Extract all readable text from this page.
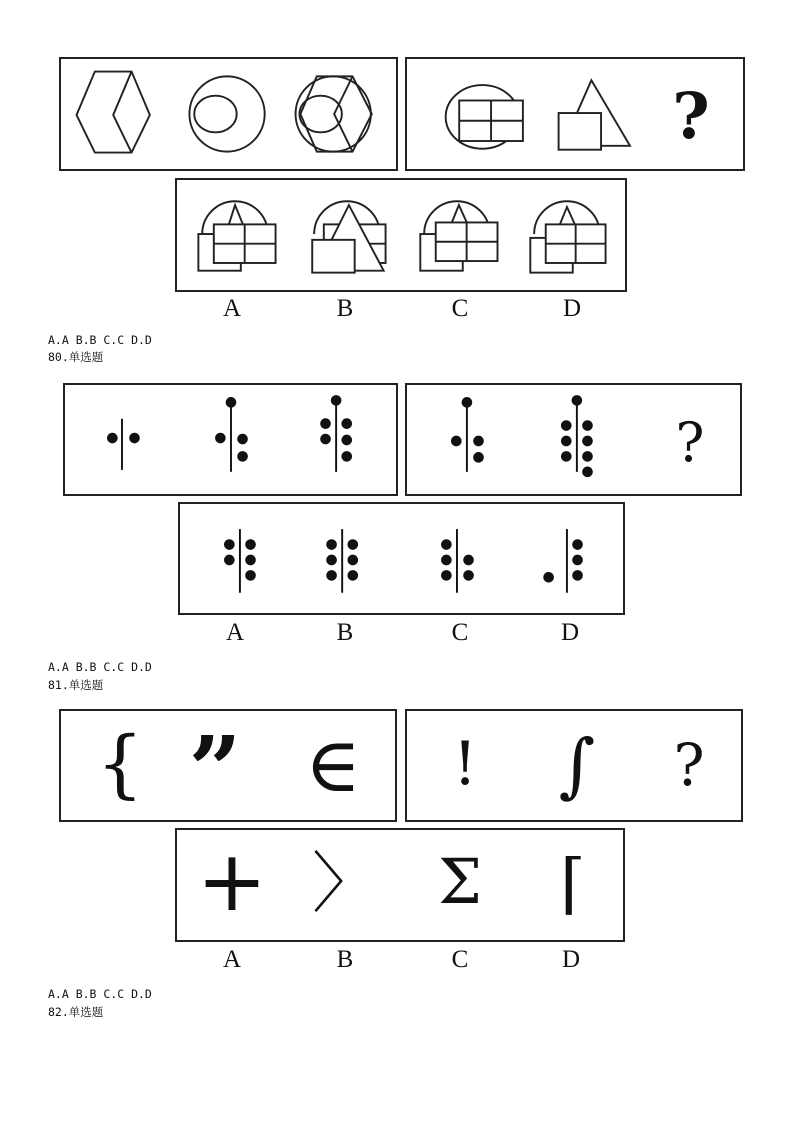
?
A	B	C	D
A.A B.B C.C D.D
80.单选题
?
A	B	C	D
A.A B.B C.C D.D
81.单选题
{ ” ∈ ! ∫ ?
+ 〉 Σ ⌈
A	B	C	D
A.A B.B C.C D.D
82.单选题
